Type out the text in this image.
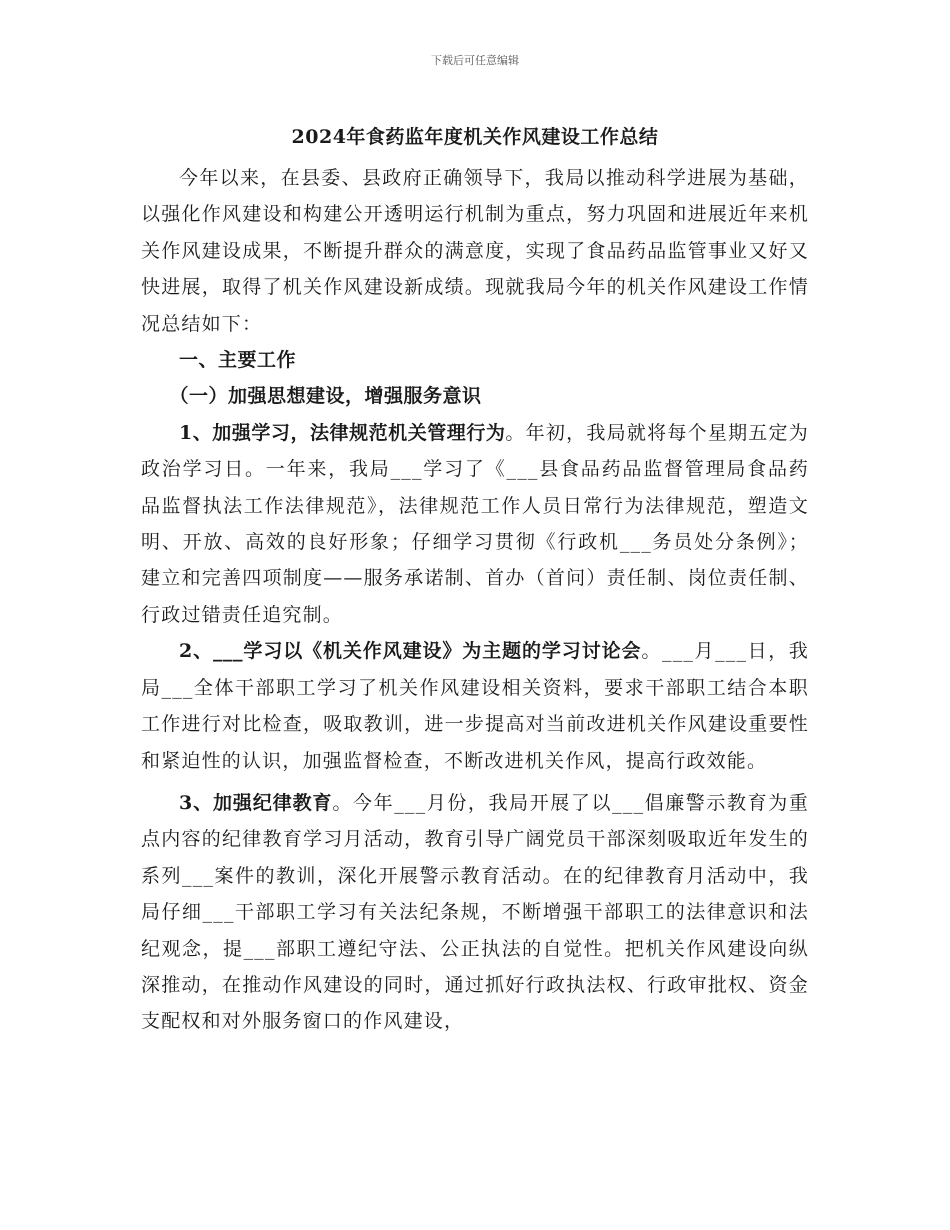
下载后可任意编辑
2024年食药监年度机关作风建设工作总结

今年以来，在县委、县政府正确领导下，我局以推动科学进展为基础，以强化作风建设和构建公开透明运行机制为重点，努力巩固和进展近年来机关作风建设成果，不断提升群众的满意度，实现了食品药品监管事业又好又快进展，取得了机关作风建设新成绩。现就我局今年的机关作风建设工作情况总结如下：

一、主要工作

（一）加强思想建设，增强服务意识

1、加强学习，法律规范机关管理行为。年初，我局就将每个星期五定为政治学习日。一年来，我局___学习了《___县食品药品监督管理局食品药品监督执法工作法律规范》，法律规范工作人员日常行为法律规范，塑造文明、开放、高效的良好形象；仔细学习贯彻《行政机___务员处分条例》；建立和完善四项制度——服务承诺制、首办（首问）责任制、岗位责任制、行政过错责任追究制。

2、___学习以《机关作风建设》为主题的学习讨论会。___月___日，我局___全体干部职工学习了机关作风建设相关资料，要求干部职工结合本职工作进行对比检查，吸取教训，进一步提高对当前改进机关作风建设重要性和紧迫性的认识，加强监督检查，不断改进机关作风，提高行政效能。

3、加强纪律教育。今年___月份，我局开展了以___倡廉警示教育为重点内容的纪律教育学习月活动，教育引导广阔党员干部深刻吸取近年发生的系列___案件的教训，深化开展警示教育活动。在的纪律教育月活动中，我局仔细___干部职工学习有关法纪条规，不断增强干部职工的法律意识和法纪观念，提___部职工遵纪守法、公正执法的自觉性。把机关作风建设向纵深推动，在推动作风建设的同时，通过抓好行政执法权、行政审批权、资金支配权和对外服务窗口的作风建设，
